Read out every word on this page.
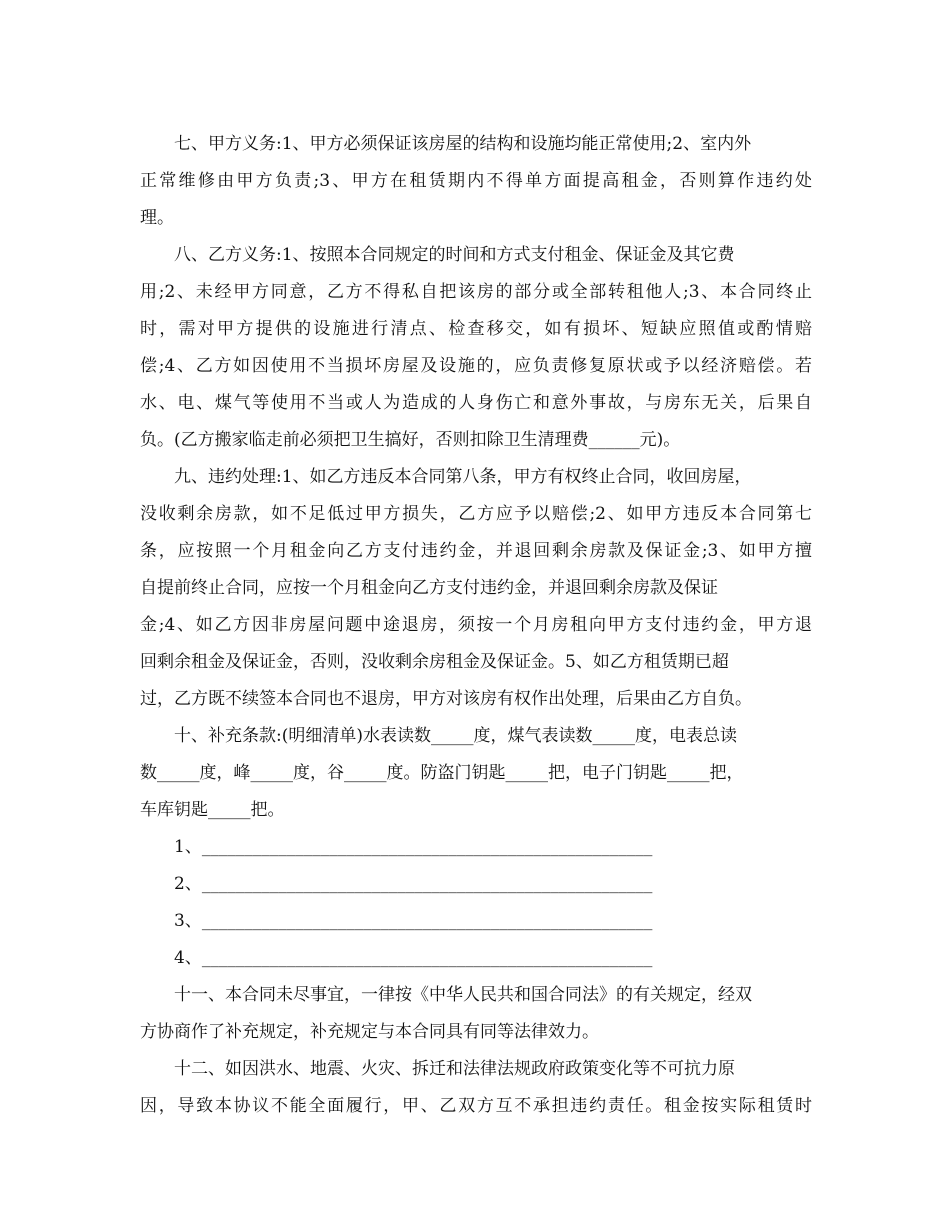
七、甲方义务:1、甲方必须保证该房屋的结构和设施均能正常使用;2、室内外
正常维修由甲方负责;3、甲方在租赁期内不得单方面提高租金，否则算作违约处
理。
八、乙方义务:1、按照本合同规定的时间和方式支付租金、保证金及其它费
用;2、未经甲方同意，乙方不得私自把该房的部分或全部转租他人;3、本合同终止
时，需对甲方提供的设施进行清点、检查移交，如有损坏、短缺应照值或酌情赔
偿;4、乙方如因使用不当损坏房屋及设施的，应负责修复原状或予以经济赔偿。若
水、电、煤气等使用不当或人为造成的人身伤亡和意外事故，与房东无关，后果自
负。(乙方搬家临走前必须把卫生搞好，否则扣除卫生清理费______元)。
九、违约处理:1、如乙方违反本合同第八条，甲方有权终止合同，收回房屋，
没收剩余房款，如不足低过甲方损失，乙方应予以赔偿;2、如甲方违反本合同第七
条，应按照一个月租金向乙方支付违约金，并退回剩余房款及保证金;3、如甲方擅
自提前终止合同，应按一个月租金向乙方支付违约金，并退回剩余房款及保证
金;4、如乙方因非房屋问题中途退房，须按一个月房租向甲方支付违约金，甲方退
回剩余租金及保证金，否则，没收剩余房租金及保证金。5、如乙方租赁期已超
过，乙方既不续签本合同也不退房，甲方对该房有权作出处理，后果由乙方自负。
十、补充条款:(明细清单)水表读数_____度，煤气表读数_____度，电表总读
数_____度，峰_____度，谷_____度。防盗门钥匙_____把，电子门钥匙_____把，
车库钥匙_____把。
1、_____________________________________________________
2、_____________________________________________________
3、_____________________________________________________
4、_____________________________________________________
十一、本合同未尽事宜，一律按《中华人民共和国合同法》的有关规定，经双
方协商作了补充规定，补充规定与本合同具有同等法律效力。
十二、如因洪水、地震、火灾、拆迁和法律法规政府政策变化等不可抗力原
因，导致本协议不能全面履行，甲、乙双方互不承担违约责任。租金按实际租赁时
